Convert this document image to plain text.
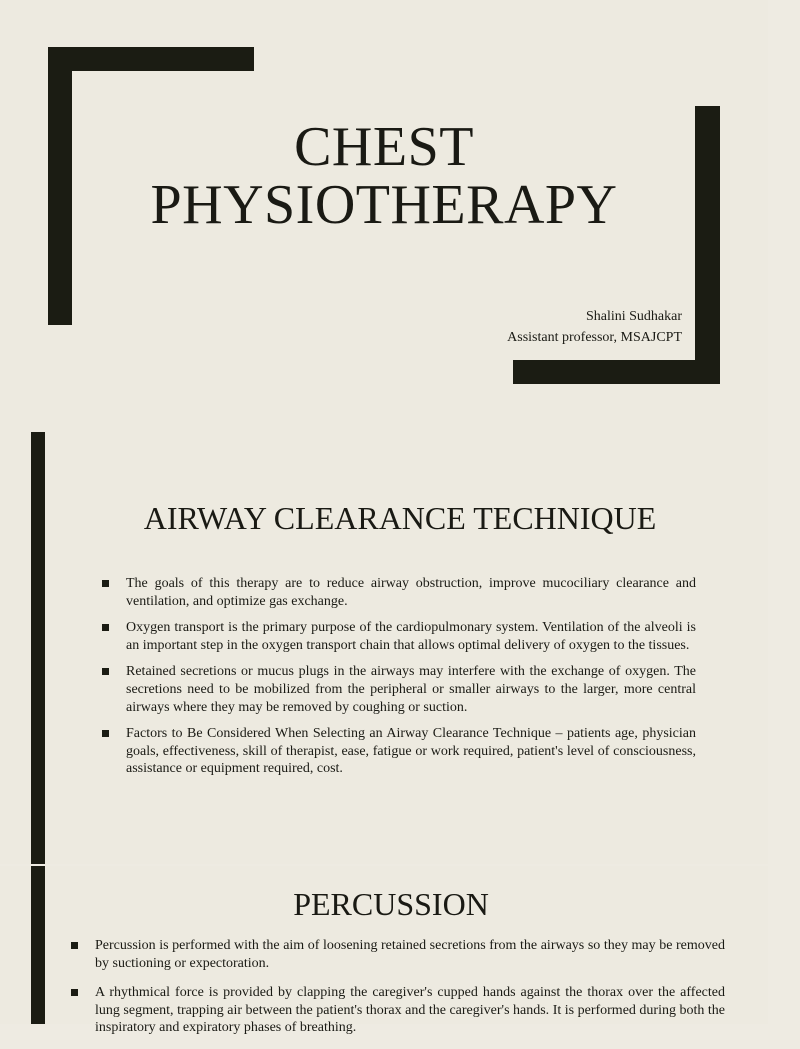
CHEST
PHYSIOTHERAPY
Shalini Sudhakar
Assistant professor, MSAJCPT
AIRWAY CLEARANCE TECHNIQUE
The goals of this therapy are to reduce airway obstruction, improve mucociliary clearance and ventilation, and optimize gas exchange.
Oxygen transport is the primary purpose of the cardiopulmonary system. Ventilation of the alveoli is an important step in the oxygen transport chain that allows optimal delivery of oxygen to the tissues.
Retained secretions or mucus plugs in the airways may interfere with the exchange of oxygen. The secretions need to be mobilized from the peripheral or smaller airways to the larger, more central airways where they may be removed by coughing or suction.
Factors to Be Considered When Selecting an Airway Clearance Technique – patients age, physician goals, effectiveness, skill of therapist, ease, fatigue or work required, patient's level of consciousness, assistance or equipment required, cost.
PERCUSSION
Percussion is performed with the aim of loosening retained secretions from the airways so they may be removed by suctioning or expectoration.
A rhythmical force is provided by clapping the caregiver's cupped hands against the thorax over the affected lung segment, trapping air between the patient's thorax and the caregiver's hands. It is performed during both the inspiratory and expiratory phases of breathing.
